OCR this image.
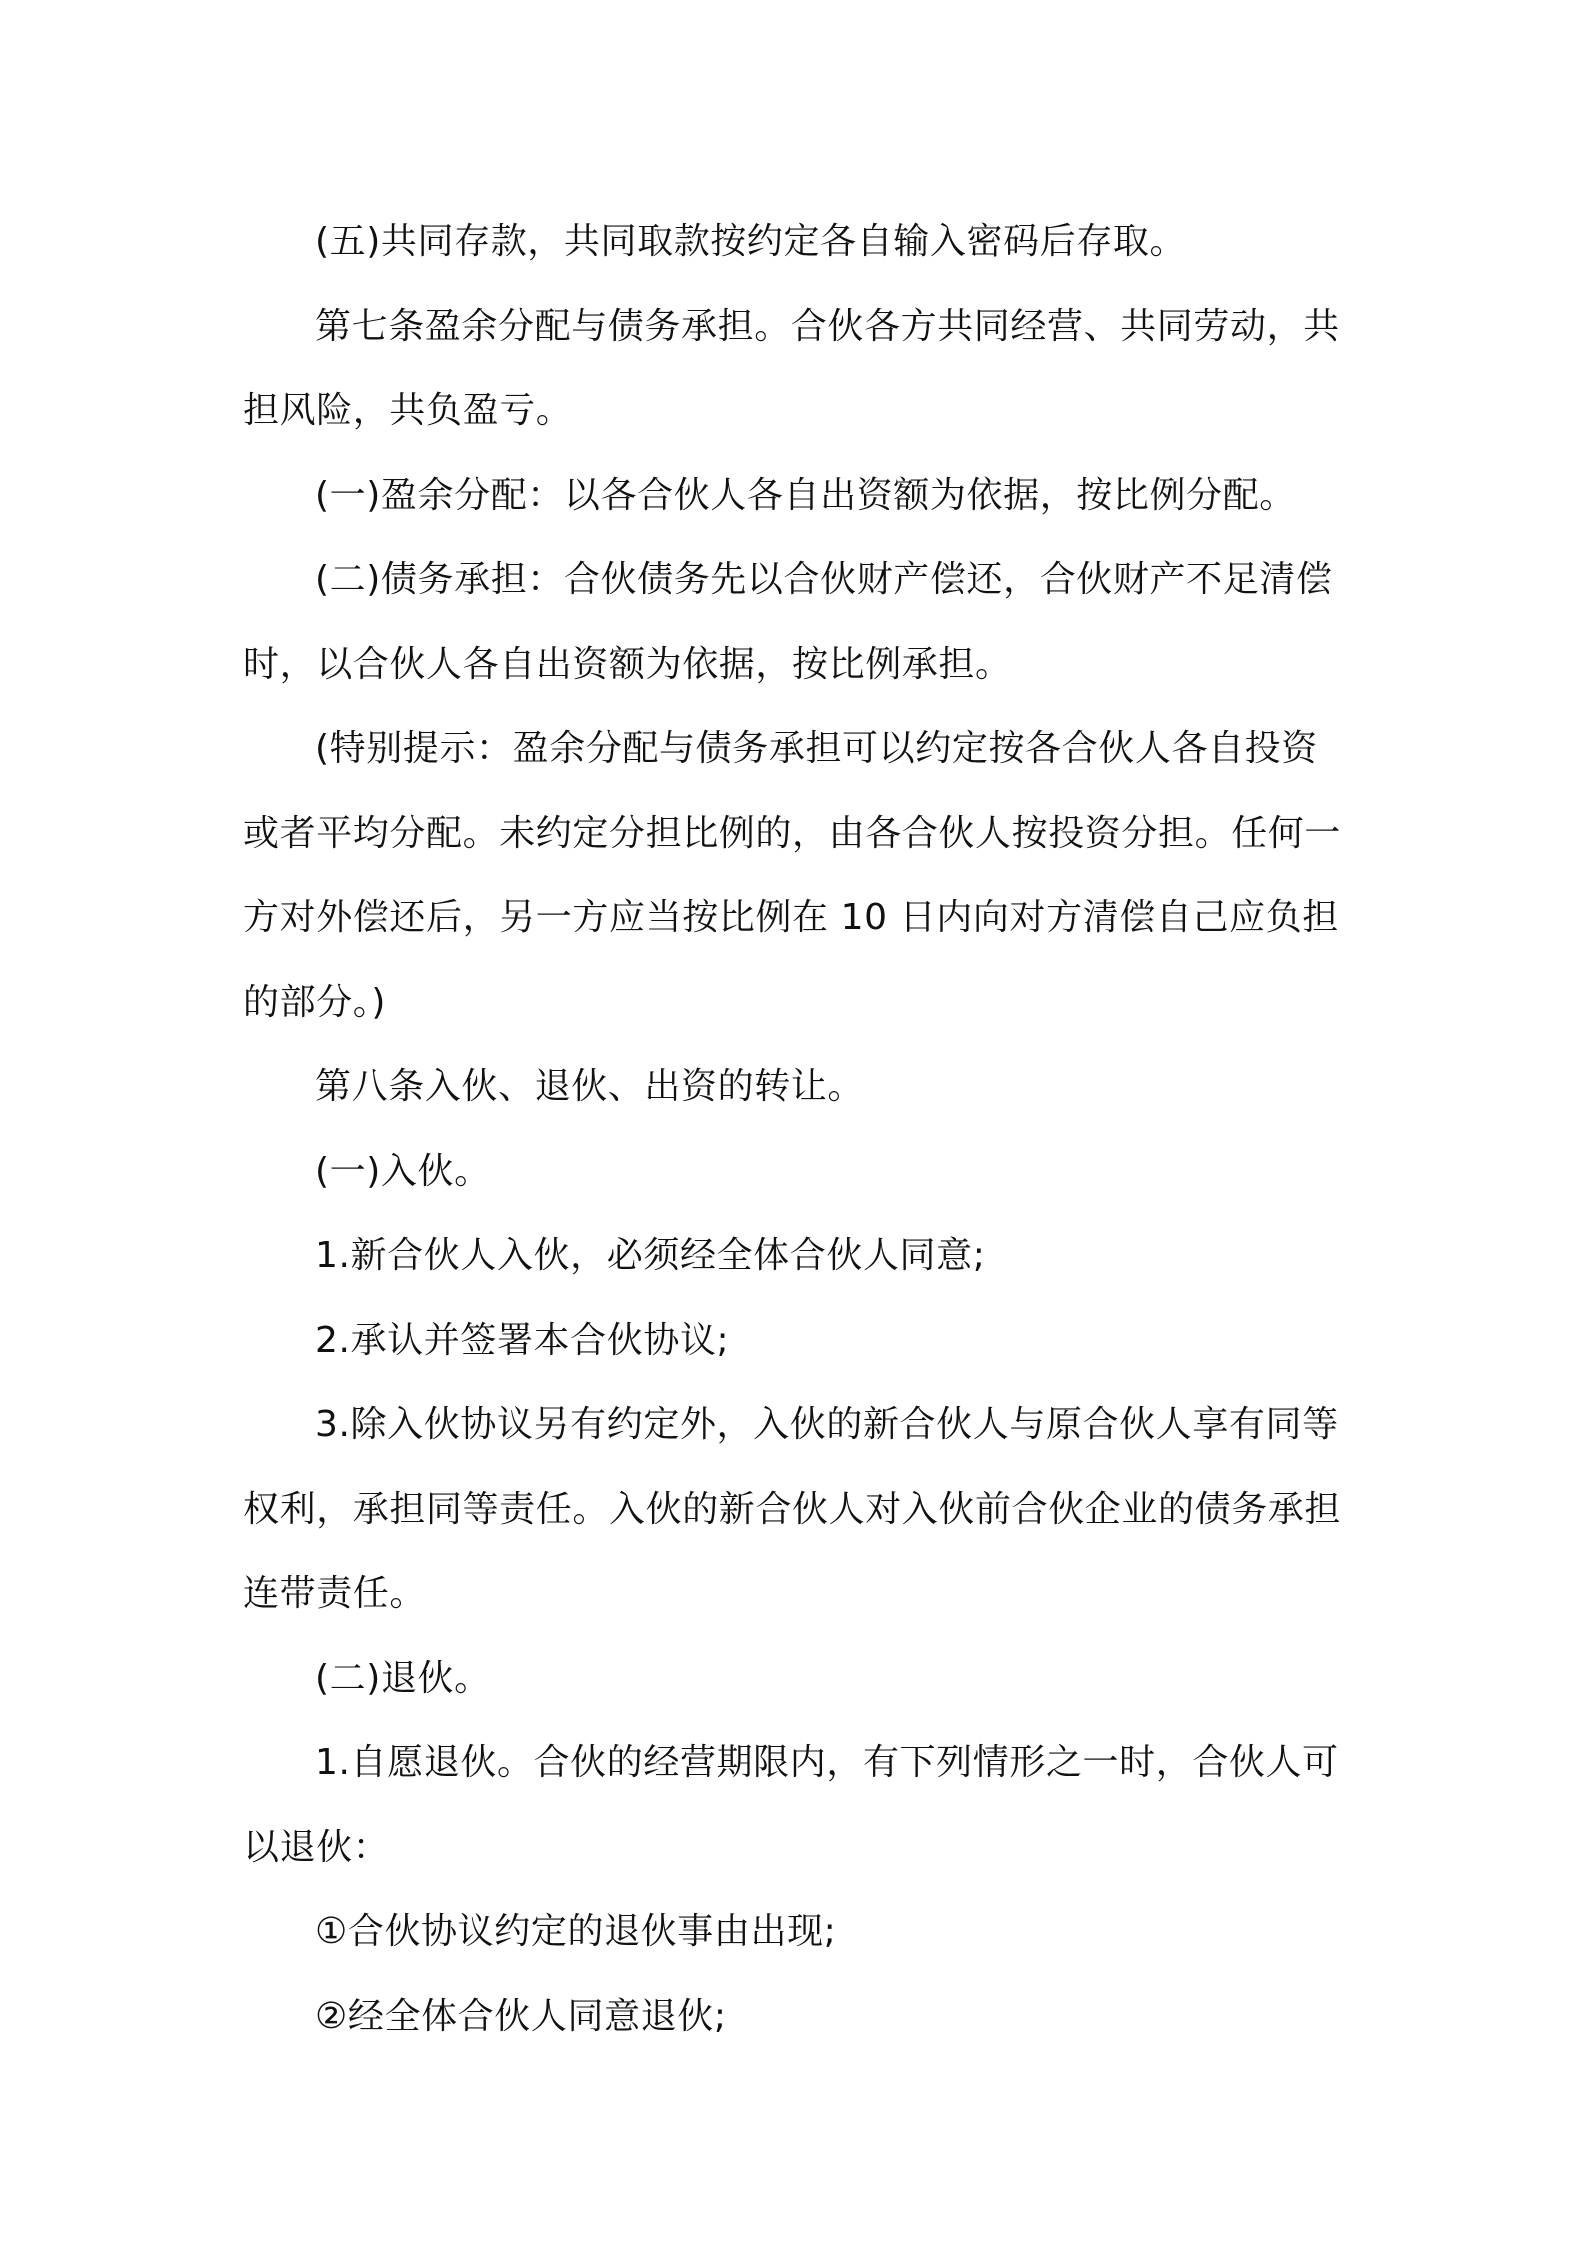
(五)共同存款，共同取款按约定各自输入密码后存取。

第七条盈余分配与债务承担。合伙各方共同经营、共同劳动，共
担风险，共负盈亏。

(一)盈余分配：以各合伙人各自出资额为依据，按比例分配。

(二)债务承担：合伙债务先以合伙财产偿还，合伙财产不足清偿
时，以合伙人各自出资额为依据，按比例承担。

(特别提示：盈余分配与债务承担可以约定按各合伙人各自投资
或者平均分配。未约定分担比例的，由各合伙人按投资分担。任何一
方对外偿还后，另一方应当按比例在 10 日内向对方清偿自己应负担
的部分。)

第八条入伙、退伙、出资的转让。

(一)入伙。

1.新合伙人入伙，必须经全体合伙人同意;

2.承认并签署本合伙协议;

3.除入伙协议另有约定外，入伙的新合伙人与原合伙人享有同等
权利，承担同等责任。入伙的新合伙人对入伙前合伙企业的债务承担
连带责任。

(二)退伙。

1.自愿退伙。合伙的经营期限内，有下列情形之一时，合伙人可
以退伙：

①合伙协议约定的退伙事由出现;

②经全体合伙人同意退伙;
